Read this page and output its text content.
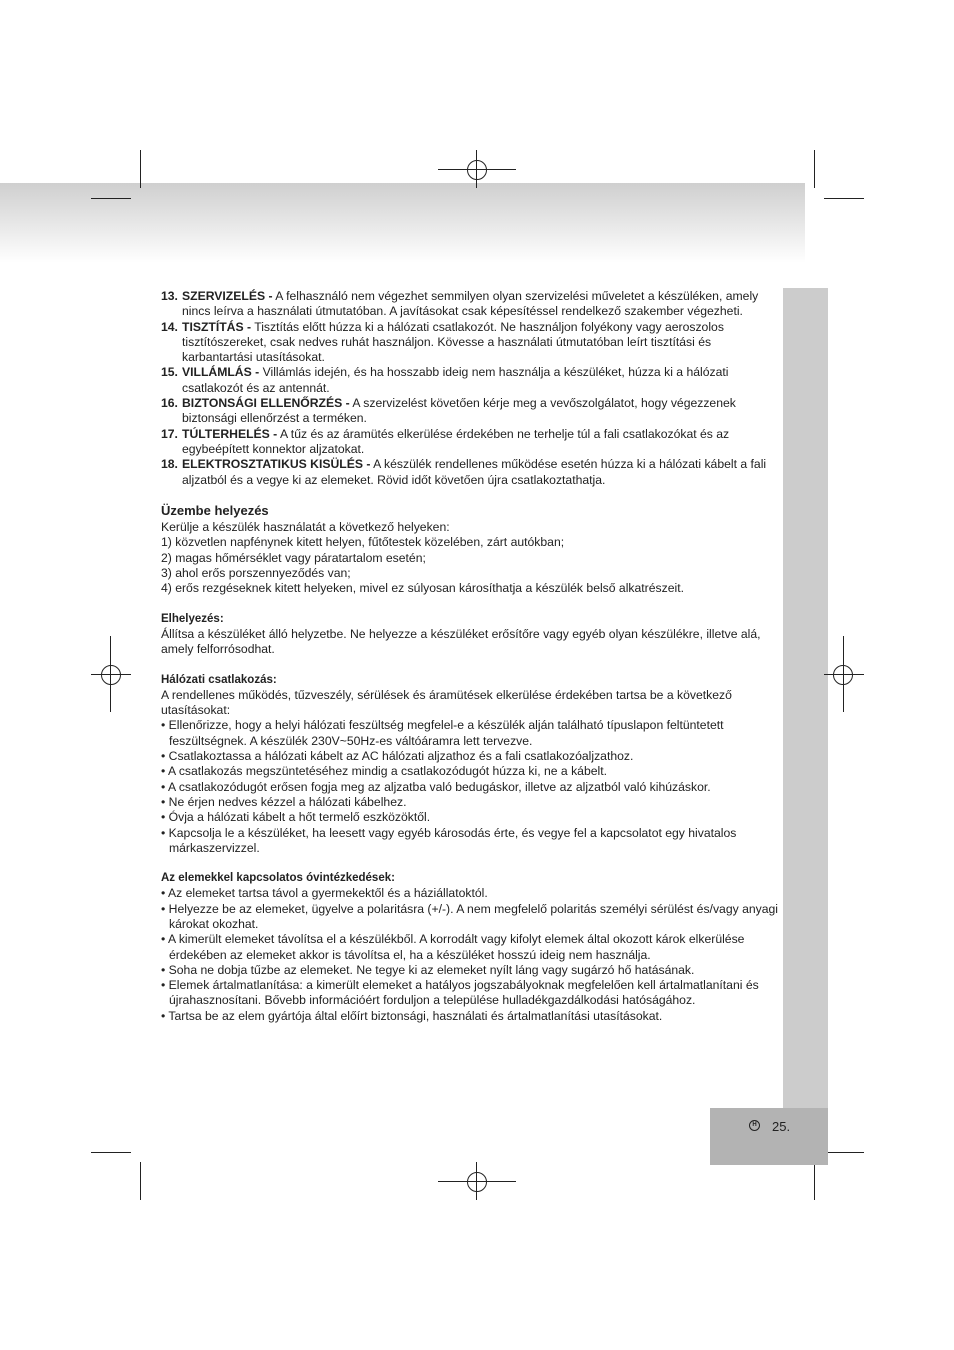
13. SZERVIZELÉS - A felhasználó nem végezhet semmilyen olyan szervizelési műveletet a készüléken, amely nincs leírva a használati útmutatóban. A javításokat csak képesítéssel rendelkező szakember végezheti.

14. TISZTÍTÁS - Tisztítás előtt húzza ki a hálózati csatlakozót. Ne használjon folyékony vagy aeroszolos tisztítószereket, csak nedves ruhát használjon. Kövesse a használati útmutatóban leírt tisztítási és karbantartási utasításokat.

15. VILLÁMLÁS - Villámlás idején, és ha hosszabb ideig nem használja a készüléket, húzza ki a hálózati csatlakozót és az antennát.

16. BIZTONSÁGI ELLENŐRZÉS - A szervizelést követően kérje meg a vevőszolgálatot, hogy végezzenek biztonsági ellenőrzést a terméken.

17. TÚLTERHELÉS - A tűz és az áramütés elkerülése érdekében ne terhelje túl a fali csatlakozókat és az egybeépített konnektor aljzatokat.

18. ELEKTROSZTATIKUS KISÜLÉS - A készülék rendellenes működése esetén húzza ki a hálózati kábelt a fali aljzatból és a vegye ki az elemeket. Rövid időt követően újra csatlakoztathatja.

Üzembe helyezés

Kerülje a készülék használatát a következő helyeken:

1) közvetlen napfénynek kitett helyen, fűtőtestek közelében, zárt autókban;

2) magas hőmérséklet vagy páratartalom esetén;

3) ahol erős porszennyeződés van;

4) erős rezgéseknek kitett helyeken, mivel ez súlyosan károsíthatja a készülék belső alkatrészeit.

Elhelyezés:

Állítsa a készüléket álló helyzetbe. Ne helyezze a készüléket erősítőre vagy egyéb olyan készülékre, illetve alá, amely felforrósodhat.

Hálózati csatlakozás:

A rendellenes működés, tűzveszély, sérülések és áramütések elkerülése érdekében tartsa be a következő utasításokat:

• Ellenőrizze, hogy a helyi hálózati feszültség megfelel-e a készülék alján található típuslapon feltüntetett feszültségnek. A készülék 230V~50Hz-es váltóáramra lett tervezve.

• Csatlakoztassa a hálózati kábelt az AC hálózati aljzathoz és a fali csatlakozóaljzathoz.

• A csatlakozás megszüntetéséhez mindig a csatlakozódugót húzza ki, ne a kábelt.

• A csatlakozódugót erősen fogja meg az aljzatba való bedugáskor, illetve az aljzatból való kihúzáskor.

• Ne érjen nedves kézzel a hálózati kábelhez.

• Óvja a hálózati kábelt a hőt termelő eszközöktől.

• Kapcsolja le a készüléket, ha leesett vagy egyéb károsodás érte, és vegye fel a kapcsolatot egy hivatalos márkaszervizzel.

Az elemekkel kapcsolatos óvintézkedések:

• Az elemeket tartsa távol a gyermekektől és a háziállatoktól.

• Helyezze be az elemeket, ügyelve a polaritásra (+/-). A nem megfelelő polaritás személyi sérülést és/vagy anyagi károkat okozhat.

• A kimerült elemeket távolítsa el a készülékből. A korrodált vagy kifolyt elemek által okozott károk elkerülése érdekében az elemeket akkor is távolítsa el, ha a készüléket hosszú ideig nem használja.

• Soha ne dobja tűzbe az elemeket. Ne tegye ki az elemeket nyílt láng vagy sugárzó hő hatásának.

• Elemek ártalmatlanítása: a kimerült elemeket a hatályos jogszabályoknak megfelelően kell ártalmatlanítani és újrahasznosítani. Bővebb információért forduljon a települése hulladékgazdálkodási hatóságához.

• Tartsa be az elem gyártója által előírt biztonsági, használati és ártalmatlanítási utasításokat.

H 25.
